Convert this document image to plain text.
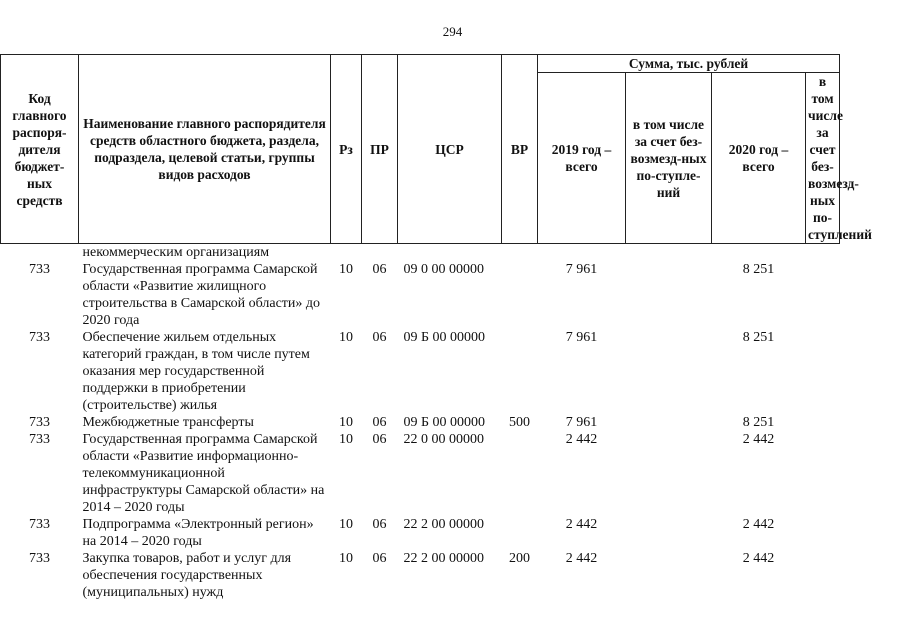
294
Код главного распоря-дителя бюджет-ных средств	Наименование главного распорядителя средств областного бюджета, раздела, подраздела, целевой статьи, группы видов расходов	Рз	ПР	ЦСР	ВР	Сумма, тыс. рублей			
						2019 год – всего	в том числе за счет без-возмезд-ных по-ступле-ний	2020 год – всего	в том числе за счет без-возмезд-ных по-ступлений
	некоммерческим организациям								
733	Государственная программа Самарской области «Развитие жилищного строительства в Самарской области» до 2020 года	10	06	09 0 00 00000		7 961		8 251	
733	Обеспечение жильем отдельных категорий граждан, в том числе путем оказания мер государственной поддержки в приобретении (строительстве) жилья	10	06	09 Б 00 00000		7 961		8 251	
733	Межбюджетные трансферты	10	06	09 Б 00 00000	500	7 961		8 251	
733	Государственная программа Самарской области «Развитие информационно-телекоммуникационной инфраструктуры Самарской области» на 2014 – 2020 годы	10	06	22 0 00 00000		2 442		2 442	
733	Подпрограмма «Электронный регион» на 2014 – 2020 годы	10	06	22 2 00 00000		2 442		2 442	
733	Закупка товаров, работ и услуг для обеспечения государственных (муниципальных) нужд	10	06	22 2 00 00000	200	2 442		2 442	
